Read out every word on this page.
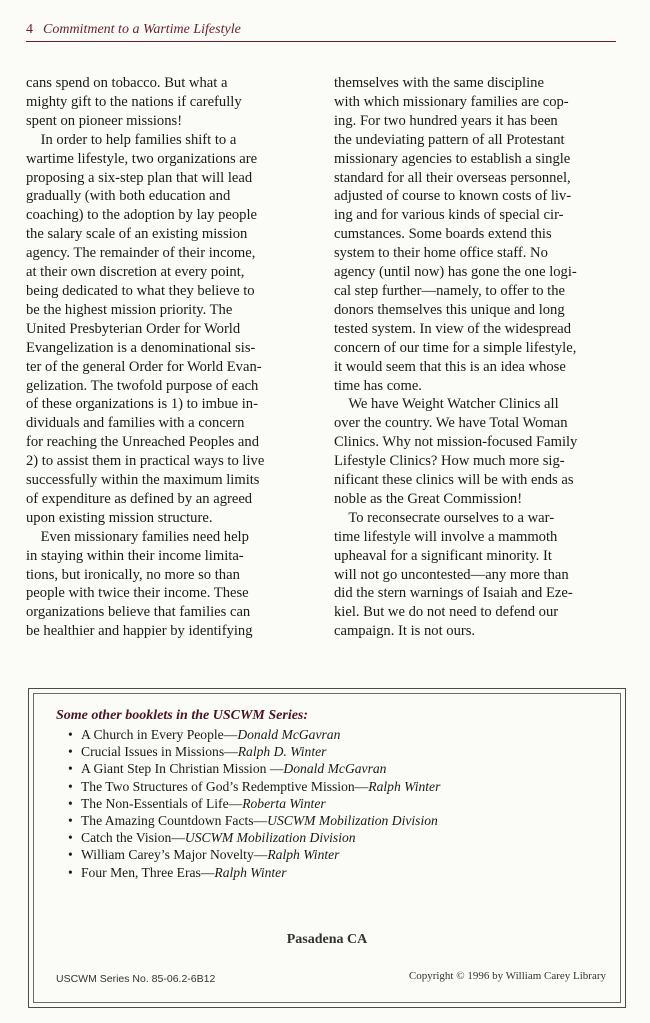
4 Commitment to a Wartime Lifestyle
cans spend on tobacco. But what a
mighty gift to the nations if carefully
spent on pioneer missions!
In order to help families shift to a
wartime lifestyle, two organizations are
proposing a six-step plan that will lead
gradually (with both education and
coaching) to the adoption by lay people
the salary scale of an existing mission
agency. The remainder of their income,
at their own discretion at every point,
being dedicated to what they believe to
be the highest mission priority. The
United Presbyterian Order for World
Evangelization is a denominational sis-
ter of the general Order for World Evan-
gelization. The twofold purpose of each
of these organizations is 1) to imbue in-
dividuals and families with a concern
for reaching the Unreached Peoples and
2) to assist them in practical ways to live
successfully within the maximum limits
of expenditure as defined by an agreed
upon existing mission structure.
Even missionary families need help
in staying within their income limita-
tions, but ironically, no more so than
people with twice their income. These
organizations believe that families can
be healthier and happier by identifying
themselves with the same discipline
with which missionary families are cop-
ing. For two hundred years it has been
the undeviating pattern of all Protestant
missionary agencies to establish a single
standard for all their overseas personnel,
adjusted of course to known costs of liv-
ing and for various kinds of special cir-
cumstances. Some boards extend this
system to their home office staff. No
agency (until now) has gone the one logi-
cal step further—namely, to offer to the
donors themselves this unique and long
tested system. In view of the widespread
concern of our time for a simple lifestyle,
it would seem that this is an idea whose
time has come.
We have Weight Watcher Clinics all
over the country. We have Total Woman
Clinics. Why not mission-focused Family
Lifestyle Clinics? How much more sig-
nificant these clinics will be with ends as
noble as the Great Commission!
To reconsecrate ourselves to a war-
time lifestyle will involve a mammoth
upheaval for a significant minority. It
will not go uncontested—any more than
did the stern warnings of Isaiah and Eze-
kiel. But we do not need to defend our
campaign. It is not ours.
Some other booklets in the USCWM Series:
• A Church in Every People—Donald McGavran
• Crucial Issues in Missions—Ralph D. Winter
• A Giant Step In Christian Mission —Donald McGavran
• The Two Structures of God’s Redemptive Mission—Ralph Winter
• The Non-Essentials of Life—Roberta Winter
• The Amazing Countdown Facts—USCWM Mobilization Division
• Catch the Vision—USCWM Mobilization Division
• William Carey’s Major Novelty—Ralph Winter
• Four Men, Three Eras—Ralph Winter
Pasadena CA
USCWM Series No. 85-06.2-6B12	Copyright © 1996 by William Carey Library
